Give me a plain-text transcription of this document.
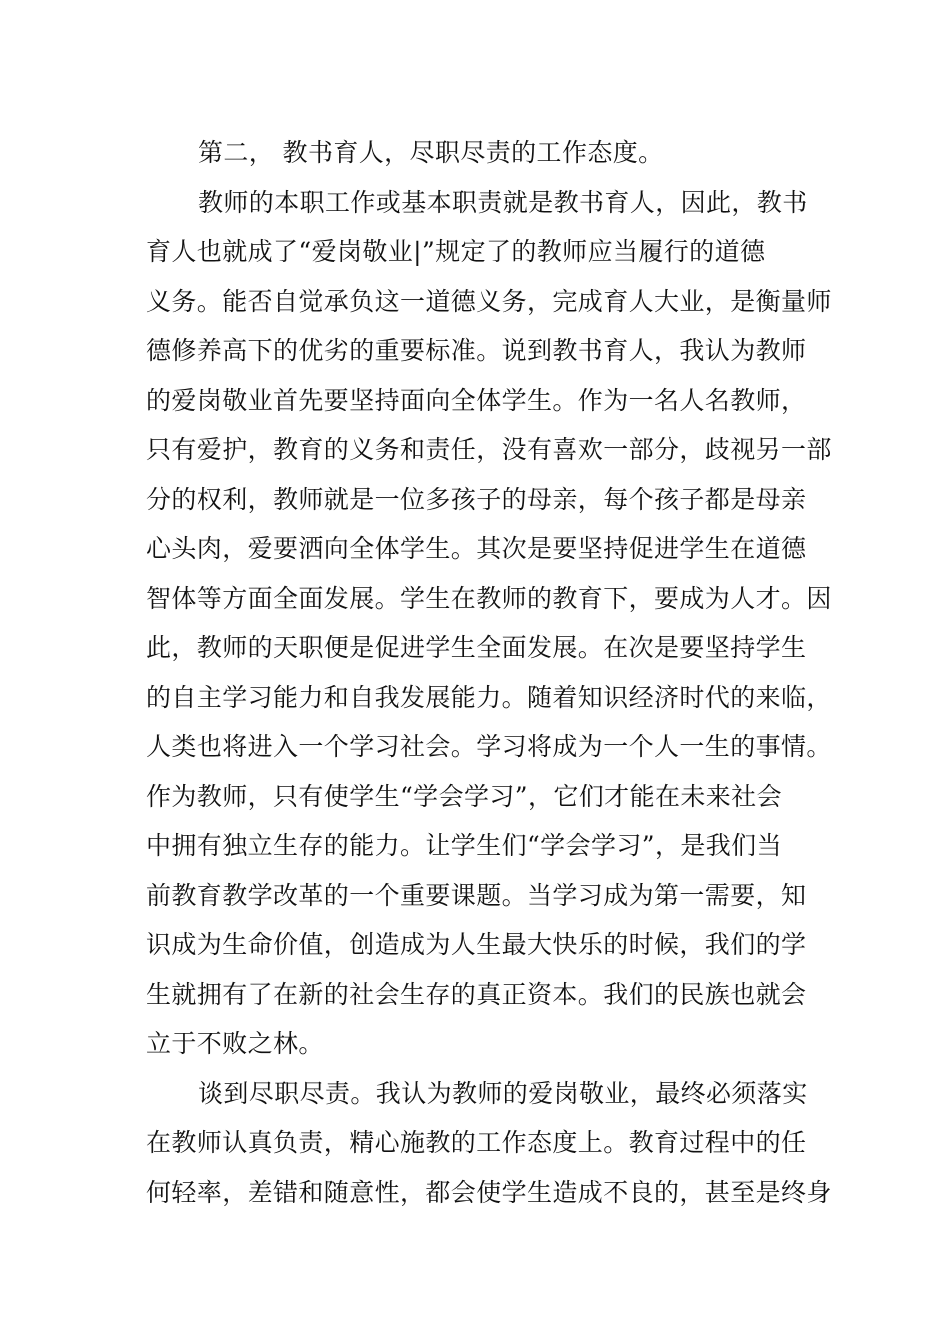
第二， 教书育人，尽职尽责的工作态度。
教师的本职工作或基本职责就是教书育人，因此，教书
育人也就成了“爱岗敬业|”规定了的教师应当履行的道德
义务。能否自觉承负这一道德义务，完成育人大业，是衡量师
德修养高下的优劣的重要标准。说到教书育人，我认为教师
的爱岗敬业首先要坚持面向全体学生。作为一名人名教师，
只有爱护，教育的义务和责任，没有喜欢一部分，歧视另一部
分的权利，教师就是一位多孩子的母亲，每个孩子都是母亲
心头肉，爱要洒向全体学生。其次是要坚持促进学生在道德
智体等方面全面发展。学生在教师的教育下，要成为人才。因
此，教师的天职便是促进学生全面发展。在次是要坚持学生
的自主学习能力和自我发展能力。随着知识经济时代的来临，
人类也将进入一个学习社会。学习将成为一个人一生的事情。
作为教师，只有使学生“学会学习”，它们才能在未来社会
中拥有独立生存的能力。让学生们“学会学习”，是我们当
前教育教学改革的一个重要课题。当学习成为第一需要，知
识成为生命价值，创造成为人生最大快乐的时候，我们的学
生就拥有了在新的社会生存的真正资本。我们的民族也就会
立于不败之林。
谈到尽职尽责。我认为教师的爱岗敬业，最终必须落实
在教师认真负责，精心施教的工作态度上。教育过程中的任
何轻率，差错和随意性，都会使学生造成不良的，甚至是终身
